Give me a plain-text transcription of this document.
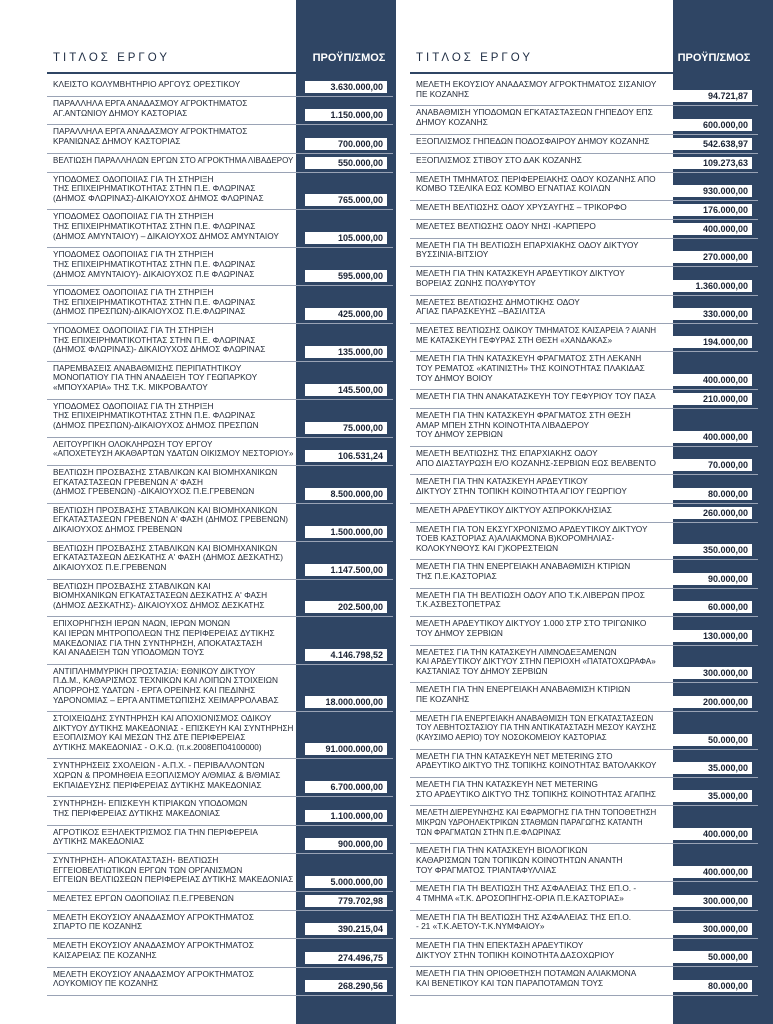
ΤΙΤΛΟΣ ΕΡΓΟΥ	ΠΡΟΫΠ/ΣΜΟΣ
ΚΛΕΙΣΤΟ ΚΟΛΥΜΒΗΤΗΡΙΟ ΑΡΓΟΥΣ ΟΡΕΣΤΙΚΟΥ	3.630.000,00
ΠΑΡΑΛΛΗΛΑ ΕΡΓΑ ΑΝΑΔΑΣΜΟΥ ΑΓΡΟΚΤΗΜΑΤΟΣ
ΑΓ.ΑΝΤΩΝΙΟΥ ΔΗΜΟΥ ΚΑΣΤΟΡΙΑΣ	1.150.000,00
ΠΑΡΑΛΛΗΛΑ ΕΡΓΑ ΑΝΑΔΑΣΜΟΥ ΑΓΡΟΚΤΗΜΑΤΟΣ
ΚΡΑΝΙΩΝΑΣ ΔΗΜΟΥ ΚΑΣΤΟΡΙΑΣ	700.000,00
ΒΕΛΤΙΩΣΗ ΠΑΡΑΛΛΗΛΩΝ ΕΡΓΩΝ ΣΤΟ ΑΓΡΟΚΤΗΜΑ ΛΙΒΑΔΕΡΟΥ	550.000,00
ΥΠΟΔΟΜΕΣ ΟΔΟΠΟΙΙΑΣ ΓΙΑ ΤΗ ΣΤΗΡΙΞΗ
ΤΗΣ ΕΠΙΧΕΙΡΗΜΑΤΙΚΟΤΗΤΑΣ ΣΤΗΝ Π.Ε. ΦΛΩΡΙΝΑΣ
(ΔΗΜΟΣ ΦΛΩΡΙΝΑΣ)-ΔΙΚΑΙΟΥΧΟΣ ΔΗΜΟΣ ΦΛΩΡΙΝΑΣ	765.000,00
ΥΠΟΔΟΜΕΣ ΟΔΟΠΟΙΙΑΣ ΓΙΑ ΤΗ ΣΤΗΡΙΞΗ
ΤΗΣ ΕΠΙΧΕΙΡΗΜΑΤΙΚΟΤΗΤΑΣ ΣΤΗΝ Π.Ε. ΦΛΩΡΙΝΑΣ
(ΔΗΜΟΣ ΑΜΥΝΤΑΙΟΥ) – ΔΙΚΑΙΟΥΧΟΣ ΔΗΜΟΣ ΑΜΥΝΤΑΙΟΥ	105.000,00
ΥΠΟΔΟΜΕΣ ΟΔΟΠΟΙΙΑΣ ΓΙΑ ΤΗ ΣΤΗΡΙΞΗ
ΤΗΣ ΕΠΙΧΕΙΡΗΜΑΤΙΚΟΤΗΤΑΣ ΣΤΗΝ Π.Ε. ΦΛΩΡΙΝΑΣ
(ΔΗΜΟΣ ΑΜΥΝΤΑΙΟΥ)- ΔΙΚΑΙΟΥΧΟΣ Π.Ε ΦΛΩΡΙΝΑΣ	595.000,00
ΥΠΟΔΟΜΕΣ ΟΔΟΠΟΙΙΑΣ ΓΙΑ ΤΗ ΣΤΗΡΙΞΗ
ΤΗΣ ΕΠΙΧΕΙΡΗΜΑΤΙΚΟΤΗΤΑΣ ΣΤΗΝ Π.Ε. ΦΛΩΡΙΝΑΣ
(ΔΗΜΟΣ ΠΡΕΣΠΩΝ)-ΔΙΚΑΙΟΥΧΟΣ Π.Ε.ΦΛΩΡΙΝΑΣ	425.000,00
ΥΠΟΔΟΜΕΣ ΟΔΟΠΟΙΙΑΣ ΓΙΑ ΤΗ ΣΤΗΡΙΞΗ
ΤΗΣ ΕΠΙΧΕΙΡΗΜΑΤΙΚΟΤΗΤΑΣ ΣΤΗΝ Π.Ε. ΦΛΩΡΙΝΑΣ
(ΔΗΜΟΣ ΦΛΩΡΙΝΑΣ)- ΔΙΚΑΙΟΥΧΟΣ ΔΗΜΟΣ ΦΛΩΡΙΝΑΣ	135.000,00
ΠΑΡΕΜΒΑΣΕΙΣ ΑΝΑΒΑΘΜΙΣΗΣ ΠΕΡΙΠΑΤΗΤΙΚΟΥ
ΜΟΝΟΠΑΤΙΟΥ ΓΙΑ ΤΗΝ ΑΝΑΔΕΙΞΗ ΤΟΥ ΓΕΩΠΑΡΚΟΥ
«ΜΠΟΥΧΑΡΙΑ» ΤΗΣ Τ.Κ. ΜΙΚΡΟΒΑΛΤΟΥ	145.500,00
ΥΠΟΔΟΜΕΣ ΟΔΟΠΟΙΙΑΣ ΓΙΑ ΤΗ ΣΤΗΡΙΞΗ
ΤΗΣ ΕΠΙΧΕΙΡΗΜΑΤΙΚΟΤΗΤΑΣ ΣΤΗΝ Π.Ε. ΦΛΩΡΙΝΑΣ
(ΔΗΜΟΣ ΠΡΕΣΠΩΝ)-ΔΙΚΑΙΟΥΧΟΣ ΔΗΜΟΣ ΠΡΕΣΠΩΝ	75.000,00
ΛΕΙΤΟΥΡΓΙΚΗ ΟΛΟΚΛΗΡΩΣΗ ΤΟΥ ΕΡΓΟΥ
«ΑΠΟΧΕΤΕΥΣΗ ΑΚΑΘΑΡΤΩΝ ΥΔΑΤΩΝ ΟΙΚΙΣΜΟΥ ΝΕΣΤΟΡΙΟΥ»	106.531,24
ΒΕΛΤΙΩΣΗ ΠΡΟΣΒΑΣΗΣ ΣΤΑΒΛΙΚΩΝ ΚΑΙ ΒΙΟΜΗΧΑΝΙΚΩΝ
ΕΓΚΑΤΑΣΤΑΣΕΩΝ ΓΡΕΒΕΝΩΝ Α' ΦΑΣΗ
(ΔΗΜΟΣ ΓΡΕΒΕΝΩΝ) -ΔΙΚΑΙΟΥΧΟΣ Π.Ε.ΓΡΕΒΕΝΩΝ	8.500.000,00
ΒΕΛΤΙΩΣΗ ΠΡΟΣΒΑΣΗΣ ΣΤΑΒΛΙΚΩΝ ΚΑΙ ΒΙΟΜΗΧΑΝΙΚΩΝ
ΕΓΚΑΤΑΣΤΑΣΕΩΝ ΓΡΕΒΕΝΩΝ Α' ΦΑΣΗ (ΔΗΜΟΣ ΓΡΕΒΕΝΩΝ)
ΔΙΚΑΙΟΥΧΟΣ ΔΗΜΟΣ ΓΡΕΒΕΝΩΝ	1.500.000,00
ΒΕΛΤΙΩΣΗ ΠΡΟΣΒΑΣΗΣ ΣΤΑΒΛΙΚΩΝ ΚΑΙ ΒΙΟΜΗΧΑΝΙΚΩΝ
ΕΓΚΑΤΑΣΤΑΣΕΩΝ ΔΕΣΚΑΤΗΣ Α' ΦΑΣΗ (ΔΗΜΟΣ ΔΕΣΚΑΤΗΣ)
ΔΙΚΑΙΟΥΧΟΣ Π.Ε.ΓΡΕΒΕΝΩΝ	1.147.500,00
ΒΕΛΤΙΩΣΗ ΠΡΟΣΒΑΣΗΣ ΣΤΑΒΛΙΚΩΝ ΚΑΙ
ΒΙΟΜΗΧΑΝΙΚΩΝ ΕΓΚΑΤΑΣΤΑΣΕΩΝ ΔΕΣΚΑΤΗΣ Α' ΦΑΣΗ
(ΔΗΜΟΣ ΔΕΣΚΑΤΗΣ)- ΔΙΚΑΙΟΥΧΟΣ ΔΗΜΟΣ ΔΕΣΚΑΤΗΣ	202.500,00
ΕΠΙΧΟΡΗΓΗΣΗ ΙΕΡΩΝ ΝΑΩΝ, ΙΕΡΩΝ ΜΟΝΩΝ
ΚΑΙ ΙΕΡΩΝ ΜΗΤΡΟΠΟΛΕΩΝ ΤΗΣ ΠΕΡΙΦΕΡΕΙΑΣ ΔΥΤΙΚΗΣ
ΜΑΚΕΔΟΝΙΑΣ ΓΙΑ ΤΗΝ ΣΥΝΤΗΡΗΣΗ, ΑΠΟΚΑΤΑΣΤΑΣΗ
ΚΑΙ ΑΝΑΔΕΙΞΗ ΤΩΝ ΥΠΟΔΟΜΩΝ ΤΟΥΣ	4.146.798,52
ΑΝΤΙΠΛΗΜΜΥΡΙΚΗ ΠΡΟΣΤΑΣΙΑ: ΕΘΝΙΚΟΥ ΔΙΚΤΥΟΥ
Π.Δ.Μ., ΚΑΘΑΡΙΣΜΟΣ ΤΕΧΝΙΚΩΝ ΚΑΙ ΛΟΙΠΩΝ ΣΤΟΙΧΕΙΩΝ
ΑΠΟΡΡΟΗΣ ΥΔΑΤΩΝ - ΕΡΓΑ ΟΡΕΙΝΗΣ ΚΑΙ ΠΕΔΙΝΗΣ
ΥΔΡΟΝΟΜΙΑΣ – ΕΡΓΑ ΑΝΤΙΜΕΤΩΠΙΣΗΣ ΧΕΙΜΑΡΡΟΛΑΒΑΣ	18.000.000,00
ΣΤΟΙΧΕΙΩΔΗΣ ΣΥΝΤΗΡΗΣΗ ΚΑΙ ΑΠΟΧΙΟΝΙΣΜΟΣ ΟΔΙΚΟΥ
ΔΙΚΤΥΟΥ ΔΥΤΙΚΗΣ ΜΑΚΕΔΟΝΙΑΣ - ΕΠΙΣΚΕΥΗ ΚΑΙ ΣΥΝΤΗΡΗΣΗ
ΕΞΟΠΛΙΣΜΟΥ ΚΑΙ ΜΕΣΩΝ ΤΗΣ ΔΤΕ ΠΕΡΙΦΕΡΕΙΑΣ
ΔΥΤΙΚΗΣ ΜΑΚΕΔΟΝΙΑΣ - Ο.Κ.Ω. (π.κ.2008ΕΠ04100000)	91.000.000,00
ΣΥΝΤΗΡΗΣΕΙΣ ΣΧΟΛΕΙΩΝ - Α.Π.Χ. - ΠΕΡΙΒΑΛΛΟΝΤΩΝ
ΧΩΡΩΝ & ΠΡΟΜΗΘΕΙΑ ΕΞΟΠΛΙΣΜΟΥ Α/ΘΜΙΑΣ & Β/ΘΜΙΑΣ
ΕΚΠΑΙΔΕΥΣΗΣ ΠΕΡΙΦΕΡΕΙΑΣ ΔΥΤΙΚΗΣ ΜΑΚΕΔΟΝΙΑΣ	6.700.000,00
ΣΥΝΤΗΡΗΣΗ- ΕΠΙΣΚΕΥΗ ΚΤΙΡΙΑΚΩΝ ΥΠΟΔΟΜΩΝ
ΤΗΣ ΠΕΡΙΦΕΡΕΙΑΣ ΔΥΤΙΚΗΣ ΜΑΚΕΔΟΝΙΑΣ	1.100.000,00
ΑΓΡΟΤΙΚΟΣ ΕΞΗΛΕΚΤΡΙΣΜΟΣ ΓΙΑ ΤΗΝ ΠΕΡΙΦΕΡΕΙΑ
ΔΥΤΙΚΗΣ ΜΑΚΕΔΟΝΙΑΣ	900.000,00
ΣΥΝΤΗΡΗΣΗ- ΑΠΟΚΑΤΑΣΤΑΣΗ- ΒΕΛΤΙΩΣΗ
ΕΓΓΕΙΟΒΕΛΤΙΩΤΙΚΩΝ ΕΡΓΩΝ ΤΩΝ ΟΡΓΑΝΙΣΜΩΝ
ΕΓΓΕΙΩΝ ΒΕΛΤΙΩΣΕΩΝ ΠΕΡΙΦΕΡΕΙΑΣ ΔΥΤΙΚΗΣ ΜΑΚΕΔΟΝΙΑΣ	5.000.000,00
ΜΕΛΕΤΕΣ ΕΡΓΩΝ ΟΔΟΠΟΙΙΑΣ Π.Ε.ΓΡΕΒΕΝΩΝ	779.702,98
ΜΕΛΕΤΗ ΕΚΟΥΣΙΟΥ ΑΝΑΔΑΣΜΟΥ ΑΓΡΟΚΤΗΜΑΤΟΣ
ΣΠΑΡΤΟ ΠΕ ΚΟΖΑΝΗΣ	390.215,04
ΜΕΛΕΤΗ ΕΚΟΥΣΙΟΥ ΑΝΑΔΑΣΜΟΥ ΑΓΡΟΚΤΗΜΑΤΟΣ
ΚΑΙΣΑΡΕΙΑΣ ΠΕ ΚΟΖΑΝΗΣ	274.496,75
ΜΕΛΕΤΗ ΕΚΟΥΣΙΟΥ ΑΝΑΔΑΣΜΟΥ ΑΓΡΟΚΤΗΜΑΤΟΣ
ΛΟΥΚΟΜΙΟΥ ΠΕ ΚΟΖΑΝΗΣ	268.290,56
ΤΙΤΛΟΣ ΕΡΓΟΥ	ΠΡΟΫΠ/ΣΜΟΣ
ΜΕΛΕΤΗ ΕΚΟΥΣΙΟΥ ΑΝΑΔΑΣΜΟΥ ΑΓΡΟΚΤΗΜΑΤΟΣ ΣΙΣΑΝΙΟΥ
ΠΕ ΚΟΖΑΝΗΣ	94.721,87
ΑΝΑΒΑΘΜΙΣΗ ΥΠΟΔΟΜΩΝ ΕΓΚΑΤΑΣΤΑΣΕΩΝ ΓΗΠΕΔΟΥ ΕΠΣ
ΔΗΜΟΥ ΚΟΖΑΝΗΣ	600.000,00
ΕΞΟΠΛΙΣΜΟΣ ΓΗΠΕΔΩΝ ΠΟΔΟΣΦΑΙΡΟΥ ΔΗΜΟΥ ΚΟΖΑΝΗΣ	542.638,97
ΕΞΟΠΛΙΣΜΟΣ ΣΤΙΒΟΥ ΣΤΟ ΔΑΚ ΚΟΖΑΝΗΣ	109.273,63
ΜΕΛΕΤΗ ΤΜΗΜΑΤΟΣ ΠΕΡΙΦΕΡΕΙΑΚΗΣ ΟΔΟΥ ΚΟΖΑΝΗΣ ΑΠΟ
ΚΟΜΒΟ ΤΣΕΛΙΚΑ ΕΩΣ ΚΟΜΒΟ ΕΓΝΑΤΙΑΣ ΚΟΙΛΩΝ	930.000,00
ΜΕΛΕΤΗ ΒΕΛΤΙΩΣΗΣ ΟΔΟΥ ΧΡΥΣΑΥΓΗΣ – ΤΡΙΚΟΡΦΟ	176.000,00
ΜΕΛΕΤΕΣ ΒΕΛΤΙΩΣΗΣ ΟΔΟΥ ΝΗΣΙ -ΚΑΡΠΕΡΟ	400.000,00
ΜΕΛΕΤΗ ΓΙΑ ΤΗ ΒΕΛΤΙΩΣΗ ΕΠΑΡΧΙΑΚΗΣ ΟΔΟΥ ΔΙΚΤΥΟΥ
ΒΥΣΣΙΝΙΑ-ΒΙΤΣΙΟΥ	270.000,00
ΜΕΛΕΤΗ ΓΙΑ ΤΗΝ ΚΑΤΑΣΚΕΥΗ ΑΡΔΕΥΤΙΚΟΥ ΔΙΚΤΥΟΥ
ΒΟΡΕΙΑΣ ΖΩΝΗΣ ΠΟΛΥΦΥΤΟΥ	1.360.000,00
ΜΕΛΕΤΕΣ ΒΕΛΤΙΩΣΗΣ ΔΗΜΟΤΙΚΗΣ ΟΔΟΥ
ΑΓΙΑΣ ΠΑΡΑΣΚΕΥΗΣ –ΒΑΣΙΛΙΤΣΑ	330.000,00
ΜΕΛΕΤΕΣ ΒΕΛΤΙΩΣΗΣ ΟΔΙΚΟΥ ΤΜΗΜΑΤΟΣ ΚΑΙΣΑΡΕΙΑ ? ΑΙΑΝΗ
ΜΕ ΚΑΤΑΣΚΕΥΗ ΓΕΦΥΡΑΣ ΣΤΗ ΘΕΣΗ «ΧΑΝΔΑΚΑΣ»	194.000,00
ΜΕΛΕΤΗ ΓΙΑ ΤΗΝ ΚΑΤΑΣΚΕΥΗ ΦΡΑΓΜΑΤΟΣ ΣΤΗ ΛΕΚΑΝΗ
ΤΟΥ ΡΕΜΑΤΟΣ «ΚΑΤΙΝΙΣΤΗ» ΤΗΣ ΚΟΙΝΟΤΗΤΑΣ ΠΛΑΚΙΔΑΣ
ΤΟΥ ΔΗΜΟΥ ΒΟΙΟΥ	400.000,00
ΜΕΛΕΤΗ ΓΙΑ ΤΗΝ ΑΝΑΚΑΤΑΣΚΕΥΗ ΤΟΥ ΓΕΦΥΡΙΟΥ ΤΟΥ ΠΑΣΑ	210.000,00
ΜΕΛΕΤΗ ΓΙΑ ΤΗΝ ΚΑΤΑΣΚΕΥΗ ΦΡΑΓΜΑΤΟΣ ΣΤΗ ΘΕΣΗ
ΑΜΑΡ ΜΠΕΗ ΣΤΗΝ ΚΟΙΝΟΤΗΤΑ ΛΙΒΑΔΕΡΟΥ
ΤΟΥ ΔΗΜΟΥ ΣΕΡΒΙΩΝ	400.000,00
ΜΕΛΕΤΗ ΒΕΛΤΙΩΣΗΣ ΤΗΣ ΕΠΑΡΧΙΑΚΗΣ ΟΔΟΥ
ΑΠΟ ΔΙΑΣΤΑΥΡΩΣΗ Ε/Ο ΚΟΖΑΝΗΣ-ΣΕΡΒΙΩΝ ΕΩΣ ΒΕΛΒΕΝΤΟ	70.000,00
ΜΕΛΕΤΗ ΓΙΑ ΤΗΝ ΚΑΤΑΣΚΕΥΗ ΑΡΔΕΥΤΙΚΟΥ
ΔΙΚΤΥΟΥ ΣΤΗΝ ΤΟΠΙΚΗ ΚΟΙΝΟΤΗΤΑ ΑΓΙΟΥ ΓΕΩΡΓΙΟΥ	80.000,00
ΜΕΛΕΤΗ ΑΡΔΕΥΤΙΚΟΥ ΔΙΚΤΥΟΥ ΑΣΠΡΟΚΚΛΗΣΙΑΣ	260.000,00
ΜΕΛΕΤΗ ΓΙΑ ΤΟΝ ΕΚΣΥΓΧΡΟΝΙΣΜΟ ΑΡΔΕΥΤΙΚΟΥ ΔΙΚΤΥΟΥ
ΤΟΕΒ ΚΑΣΤΟΡΙΑΣ Α)ΑΛΙΑΚΜΟΝΑ Β)ΚΟΡΟΜΗΛΙΑΣ-
ΚΟΛΟΚΥΝΘΟΥΣ ΚΑΙ Γ)ΚΟΡΕΣΤΕΙΩΝ	350.000,00
ΜΕΛΕΤΗ ΓΙΑ ΤΗΝ ΕΝΕΡΓΕΙΑΚΗ ΑΝΑΒΑΘΜΙΣΗ ΚΤΙΡΙΩΝ
ΤΗΣ Π.Ε.ΚΑΣΤΟΡΙΑΣ	90.000,00
ΜΕΛΕΤΗ ΓΙΑ ΤΗ ΒΕΛΤΙΩΣΗ ΟΔΟΥ ΑΠΟ Τ.Κ.ΛΙΒΕΡΩΝ ΠΡΟΣ
Τ.Κ.ΑΣΒΕΣΤΟΠΕΤΡΑΣ	60.000,00
ΜΕΛΕΤΗ ΑΡΔΕΥΤΙΚΟΥ ΔΙΚΤΥΟΥ 1.000 ΣΤΡ ΣΤΟ ΤΡΙΓΩΝΙΚΟ
ΤΟΥ ΔΗΜΟΥ ΣΕΡΒΙΩΝ	130.000,00
ΜΕΛΕΤΕΣ ΓΙΑ ΤΗΝ ΚΑΤΑΣΚΕΥΗ ΛΙΜΝΟΔΕΞΑΜΕΝΩΝ
ΚΑΙ ΑΡΔΕΥΤΙΚΟΥ ΔΙΚΤΥΟΥ ΣΤΗΝ ΠΕΡΙΟΧΗ «ΠΑΤΑΤΟΧΩΡΑΦΑ»
ΚΑΣΤΑΝΙΑΣ ΤΟΥ ΔΗΜΟΥ ΣΕΡΒΙΩΝ	300.000,00
ΜΕΛΕΤΗ ΓΙΑ ΤΗΝ ΕΝΕΡΓΕΙΑΚΗ ΑΝΑΒΑΘΜΙΣΗ ΚΤΙΡΙΩΝ
ΠΕ ΚΟΖΑΝΗΣ	200.000,00
ΜΕΛΕΤΗ ΓΙΑ ΕΝΕΡΓΕΙΑΚΗ ΑΝΑΒΑΘΜΙΣΗ ΤΩΝ ΕΓΚΑΤΑΣΤΑΣΕΩΝ
ΤΟΥ ΛΕΒΗΤΟΣΤΑΣΙΟΥ ΓΙΑ ΤΗΝ ΑΝΤΙΚΑΤΑΣΤΑΣΗ ΜΕΣΟΥ ΚΑΥΣΗΣ
(ΚΑΥΣΙΜΟ ΑΕΡΙΟ) ΤΟΥ ΝΟΣΟΚΟΜΕΙΟΥ ΚΑΣΤΟΡΙΑΣ	50.000,00
ΜΕΛΕΤΗ ΓΙΑ ΤΗΝ ΚΑΤΑΣΚΕΥΗ NET METERING ΣΤΟ
ΑΡΔΕΥΤΙΚΟ ΔΙΚΤΥΟ ΤΗΣ ΤΟΠΙΚΗΣ ΚΟΙΝΟΤΗΤΑΣ ΒΑΤΟΛΑΚΚΟΥ	35.000,00
ΜΕΛΕΤΗ ΓΙΑ ΤΗΝ ΚΑΤΑΣΚΕΥΗ NET METERING
ΣΤΟ ΑΡΔΕΥΤΙΚΟ ΔΙΚΤΥΟ ΤΗΣ ΤΟΠΙΚΗΣ ΚΟΙΝΟΤΗΤΑΣ ΑΓΑΠΗΣ	35.000,00
ΜΕΛΕΤΗ ΔΙΕΡΕΥΝΗΣΗΣ ΚΑΙ ΕΦΑΡΜΟΓΗΣ ΓΙΑ ΤΗΝ ΤΟΠΟΘΕΤΗΣΗ
ΜΙΚΡΩΝ ΥΔΡΟΗΛΕΚΤΡΙΚΩΝ ΣΤΑΘΜΩΝ ΠΑΡΑΓΩΓΗΣ ΚΑΤΑΝΤΗ
ΤΩΝ ΦΡΑΓΜΑΤΩΝ ΣΤΗΝ Π.Ε.ΦΛΩΡΙΝΑΣ	400.000,00
ΜΕΛΕΤΗ ΓΙΑ ΤΗΝ ΚΑΤΑΣΚΕΥΗ ΒΙΟΛΟΓΙΚΩΝ
ΚΑΘΑΡΙΣΜΩΝ ΤΩΝ ΤΟΠΙΚΩΝ ΚΟΙΝΟΤΗΤΩΝ ΑΝΑΝΤΗ
ΤΟΥ ΦΡΑΓΜΑΤΟΣ ΤΡΙΑΝΤΑΦΥΛΛΙΑΣ	400.000,00
ΜΕΛΕΤΗ ΓΙΑ ΤΗ ΒΕΛΤΙΩΣΗ ΤΗΣ ΑΣΦΑΛΕΙΑΣ ΤΗΣ ΕΠ.Ο. -
4 ΤΜΗΜΑ «Τ.Κ. ΔΡΟΣΟΠΗΓΗΣ-ΟΡΙΑ Π.Ε.ΚΑΣΤΟΡΙΑΣ»	300.000,00
ΜΕΛΕΤΗ ΓΙΑ ΤΗ ΒΕΛΤΙΩΣΗ ΤΗΣ ΑΣΦΑΛΕΙΑΣ ΤΗΣ ΕΠ.Ο.
- 21 «Τ.Κ.ΑΕΤΟΥ-Τ.Κ.ΝΥΜΦΑΙΟΥ»	300.000,00
ΜΕΛΕΤΗ ΓΙΑ ΤΗΝ ΕΠΕΚΤΑΣΗ ΑΡΔΕΥΤΙΚΟΥ
ΔΙΚΤΥΟΥ ΣΤΗΝ ΤΟΠΙΚΗ ΚΟΙΝΟΤΗΤΑ ΔΑΣΟΧΩΡΙΟΥ	50.000,00
ΜΕΛΕΤΗ ΓΙΑ ΤΗΝ ΟΡΙΟΘΕΤΗΣΗ ΠΟΤΑΜΩΝ ΑΛΙΑΚΜΟΝΑ
ΚΑΙ ΒΕΝΕΤΙΚΟΥ ΚΑΙ ΤΩΝ ΠΑΡΑΠΟΤΑΜΩΝ ΤΟΥΣ	80.000,00
